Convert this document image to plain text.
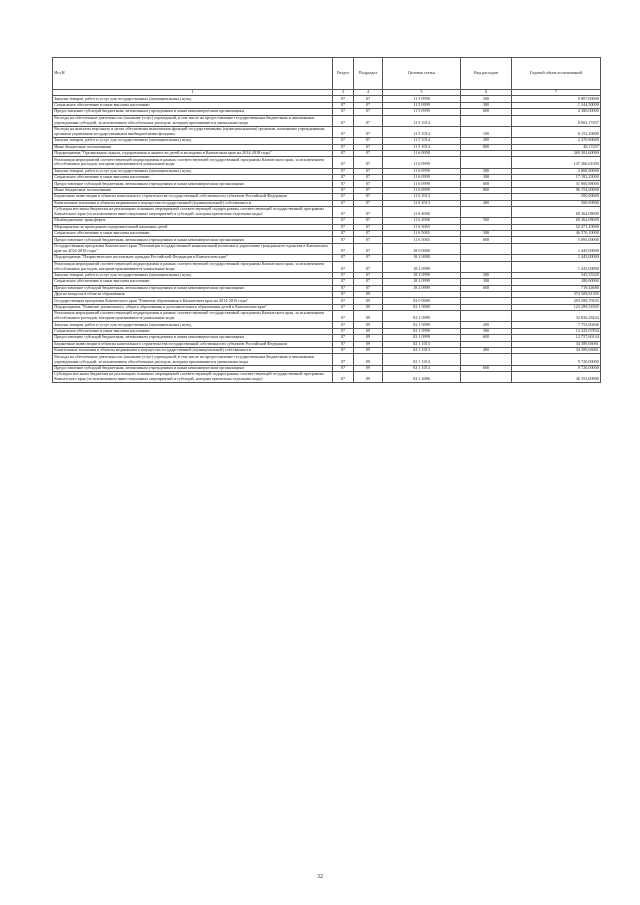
Ист.Н	Раздел	Подраздел	Целевая статья	Вид расходов	Годовой объем ассигнований
1	3	4	5	6	7
Закупка товаров, работ и услуг для государственных (муниципальных) нужд	07	07	11 5 0999	200	9 807,00000
Социальное обеспечение и иные выплаты населению	07	07	11 5 0999	300	1 244,50000
Предоставление субсидий бюджетным, автономным учреждениям и иным некоммерческим организациям	07	07	11 5 0999	600	4 380,00000
Расходы на обеспечение деятельности (оказание услуг) учреждений, в том числе на предоставление государственным бюджетным и автономным учреждениям субсидий, за исключением обособленных расходов, которым присваиваются уникальные коды	07	07	11 5 1014		8 663,17457
Расходы на выплаты персоналу в целях обеспечения выполнения функций государственными (муниципальными) органами, казенными учреждениями, органами управления государственными внебюджетными фондами	07	07	11 5 1014	100	6 152,20000
Закупка товаров, работ и услуг для государственных (муниципальных) нужд	07	07	11 5 1014	200	2 470,80000
Иные бюджетные ассигнования	07	07	11 5 1014	800	40,17457
Подпрограмма "Организация отдыха, оздоровления и занятости детей и молодежи в Камчатском крае на 2014-2018 годы"	07	07	11 6 0000		269 502,60000
Реализация мероприятий соответствующей подпрограммы в рамках соответствующей государственной программы Камчатского края, за исключением обособленных расходов, которым присваиваются уникальные коды	07	07	11 6 0999		147 266,61000
Закупка товаров, работ и услуг для государственных (муниципальных) нужд	07	07	11 6 0999	200	2 868,90000
Социальное обеспечение и иные выплаты населению	07	07	11 6 0999	300	17 182,23000
Предоставление субсидий бюджетным, автономным учреждениям и иным некоммерческим организациям	07	07	11 6 0999	600	31 060,88000
Иные бюджетные ассигнования	07	07	11 6 0999	800	96 154,60000
Бюджетные инвестиции в объекты капитального строительства государственной собственности субъектов Российской Федерации	07	07	11 6 1013		500,00000
Капитальные вложения в объекты недвижимого имущества государственной (муниципальной) собственности	07	07	11 6 1013	400	500,00000
Субсидии местным бюджетам на реализацию основных мероприятий соответствующей подпрограммы соответствующей государственной программы Камчатского края (за исключением инвестиционных мероприятий и субсидий, которым присвоены отдельные коды)	07	07	11 6 4006		60 264,08000
Межбюджетные трансферты	07	07	11 6 4006	500	60 264,08000
Мероприятия по проведению оздоровительной кампании детей	07	07	11 6 5065		52 471,10000
Социальное обеспечение и иные выплаты населению	07	07	11 6 5065	300	46 576,10000
Предоставление субсидий бюджетным, автономным учреждениям и иным некоммерческим организациям	07	07	11 6 5065	600	5 895,00000
Государственная программа Камчатского края "Реализация государственной национальной политики и укрепление гражданского единства в Камчатском крае на 2014-2018 годы"	07	07	18 0 0000		1 445,00000
Подпрограмма "Патриотическое воспитание граждан Российской Федерации в Камчатском крае"	07	07	18 2 0000		1 445,00000
Реализация мероприятий соответствующей подпрограммы в рамках соответствующей государственной программы Камчатского края, за исключением обособленных расходов, которым присваиваются уникальные коды	07	07	18 2 0999		1 445,00000
Закупка товаров, работ и услуг для государственных (муниципальных) нужд	07	07	18 2 0999	200	545,55320
Социальное обеспечение и иные выплаты населению	07	07	18 2 0999	300	180,00000
Предоставление субсидий бюджетным, автономным учреждениям и иным некоммерческим организациям	07	07	18 2 0999	600	719,44680
Другие вопросы в области образования	07	09			374 509,81305
Государственная программа Камчатского края "Развитие образования в Камчатском крае на 2014-2016 годы"	07	09	02 0 0000		293 289,70105
Подпрограмма "Развитие дошкольного, общего образования и дополнительного образования детей в Камчатском крае"	07	09	02 1 0000		123 299,54305
Реализация мероприятий соответствующей подпрограммы в рамках соответствующей государственной программы Камчатского края, за исключением обособленных расходов, которым присваиваются уникальные коды	07	09	02 1 0999		32 836,28244
Закупка товаров, работ и услуг для государственных (муниципальных) нужд	07	09	02 1 0999	200	7 753,60266
Социальное обеспечение и иные выплаты населению	07	09	02 1 0999	300	12 325,07834
Предоставление субсидий бюджетным, автономным учреждениям и иным некоммерческим организациям	07	09	02 1 0999	600	12 757,60144
Бюджетные инвестиции в объекты капитального строительства государственной собственности субъектов Российской Федерации	07	09	02 1 1013		34 389,66061
Капитальные вложения в объекты недвижимого имущества государственной (муниципальной) собственности	07	09	02 1 1013	400	34 389,66061
Расходы на обеспечение деятельности (оказание услуг) учреждений, в том числе на предоставление государственным бюджетным и автономным учреждениям субсидий, за исключением обособленных расходов, которым присваиваются уникальные коды	07	09	02 1 1014		9 720,00000
Предоставление субсидий бюджетным, автономным учреждениям и иным некоммерческим организациям	07	09	02 1 1014	600	9 720,00000
Субсидии местным бюджетам на реализацию основных мероприятий соответствующей подпрограммы соответствующей государственной программы Камчатского края (за исключением инвестиционных мероприятий и субсидий, которым присвоены отдельные коды)	07	09	02 1 4006		46 353,60000
32
